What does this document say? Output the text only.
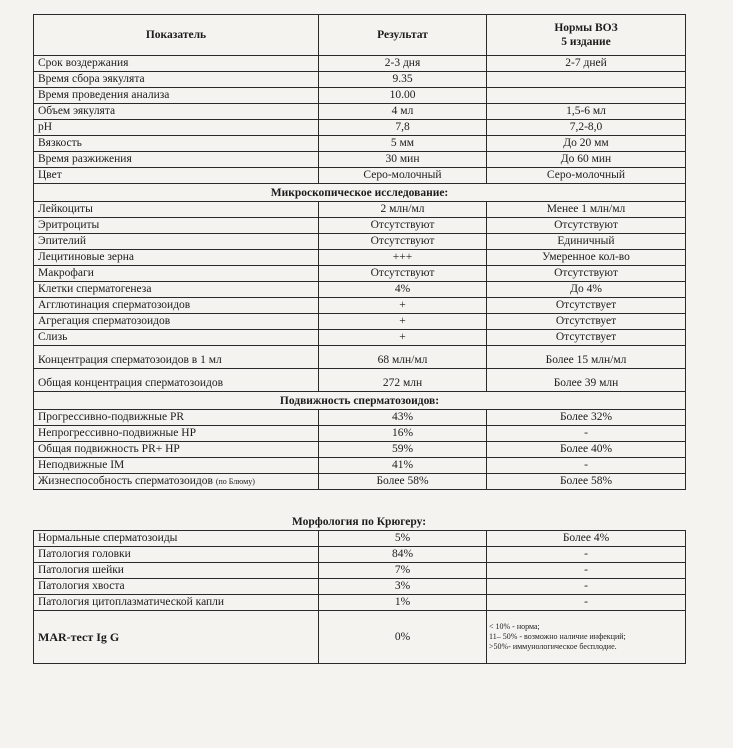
Показатель	Результат	Нормы ВОЗ
5 издание

Срок воздержания	2-3 дня	2-7 дней
Время сбора эякулята	9.35	
Время проведения анализа	10.00	
Объем эякулята	4 мл	1,5-6 мл
pH	7,8	7,2-8,0
Вязкость	5 мм	До 20 мм
Время разжижения	30 мин	До 60 мин
Цвет	Серо-молочный	Серо-молочный
Микроскопическое исследование:		
Лейкоциты	2 млн/мл	Менее 1 млн/мл
Эритроциты	Отсутствуют	Отсутствуют
Эпителий	Отсутствуют	Единичный
Лецитиновые зерна	+++	Умеренное кол-во
Макрофаги	Отсутствуют	Отсутствуют
Клетки сперматогенеза	4%	До 4%
Агглютинация сперматозоидов	+	Отсутствует
Агрегация сперматозоидов	+	Отсутствует
Слизь	+	Отсутствует
Концентрация сперматозоидов в 1 мл	68 млн/мл	Более 15 млн/мл
Общая концентрация сперматозоидов	272 млн	Более 39 млн
Подвижность сперматозоидов:		
Прогрессивно-подвижные PR	43%	Более 32%
Непрогрессивно-подвижные HP	16%	-
Общая подвижность PR+ HP	59%	Более 40%
Неподвижные IM	41%	-
Жизнеспособность сперматозоидов (по Блюму)	Более 58%	Более 58%
Морфология по Крюгеру:
Нормальные сперматозоиды	5%	Более 4%
Патология головки	84%	-
Патология шейки	7%	-
Патология хвоста	3%	-
Патология цитоплазматической капли	1%	-
MAR-тест Ig G	0%	< 10% - норма;
11– 50% - возможно наличие инфекций;
>50%- иммунологическое бесплодие.
